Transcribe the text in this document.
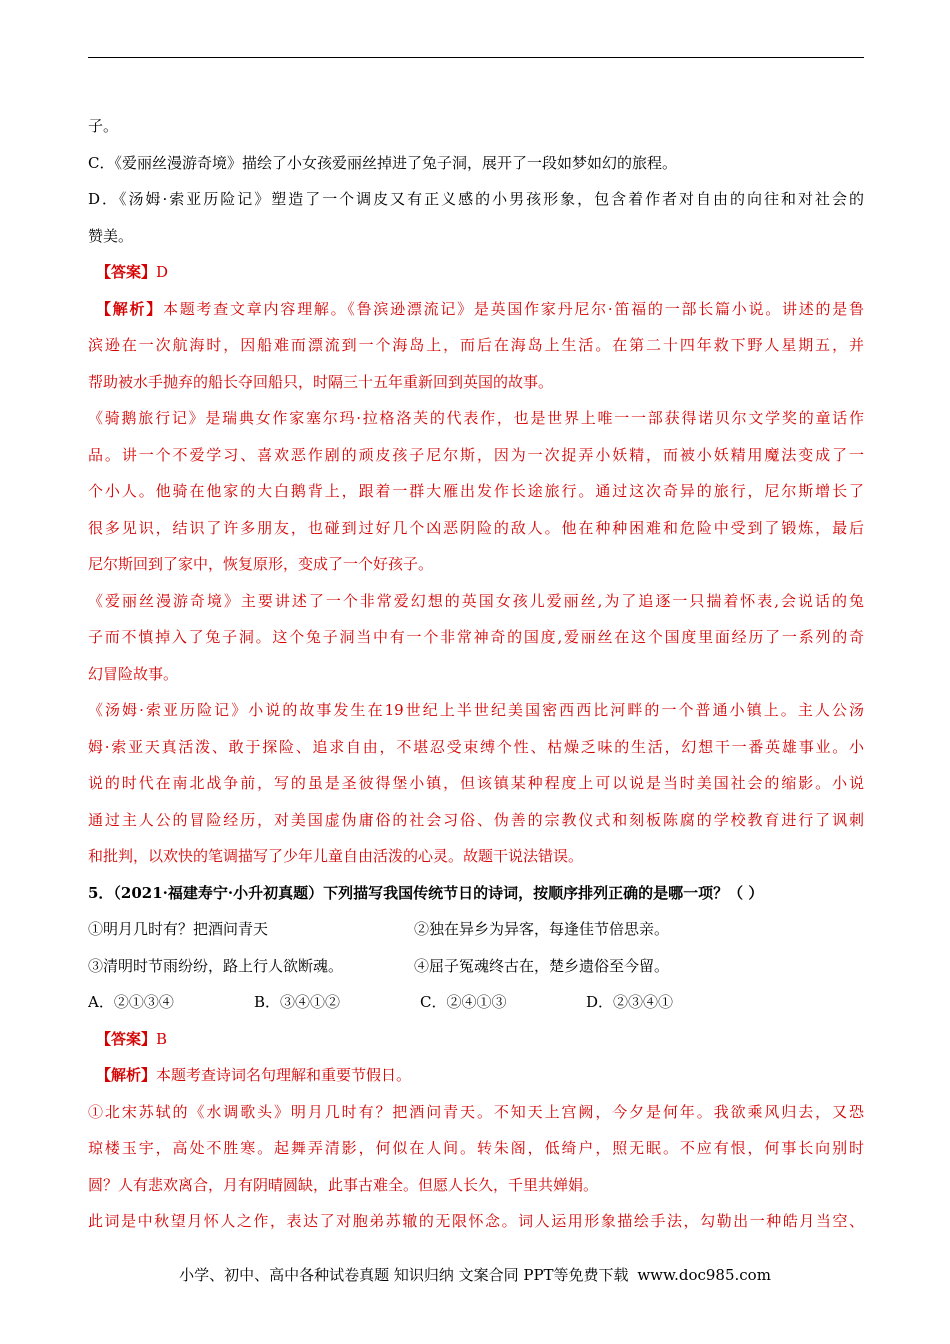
子。
C．《爱丽丝漫游奇境》描绘了小女孩爱丽丝掉进了兔子洞，展开了一段如梦如幻的旅程。
D．《汤姆·索亚历险记》塑造了一个调皮又有正义感的小男孩形象，包含着作者对自由的向往和对社会的
赞美。
【答案】D
【解析】本题考查文章内容理解。《鲁滨逊漂流记》是英国作家丹尼尔·笛福的一部长篇小说。讲述的是鲁
滨逊在一次航海时，因船难而漂流到一个海岛上，而后在海岛上生活。在第二十四年救下野人星期五，并
帮助被水手抛弃的船长夺回船只，时隔三十五年重新回到英国的故事。
《骑鹅旅行记》是瑞典女作家塞尔玛·拉格洛芙的代表作，也是世界上唯一一部获得诺贝尔文学奖的童话作
品。讲一个不爱学习、喜欢恶作剧的顽皮孩子尼尔斯，因为一次捉弄小妖精，而被小妖精用魔法变成了一
个小人。他骑在他家的大白鹅背上，跟着一群大雁出发作长途旅行。通过这次奇异的旅行，尼尔斯增长了
很多见识，结识了许多朋友，也碰到过好几个凶恶阴险的敌人。他在种种困难和危险中受到了锻炼，最后
尼尔斯回到了家中，恢复原形，变成了一个好孩子。
《爱丽丝漫游奇境》主要讲述了一个非常爱幻想的英国女孩儿爱丽丝,为了追逐一只揣着怀表,会说话的兔
子而不慎掉入了兔子洞。这个兔子洞当中有一个非常神奇的国度,爱丽丝在这个国度里面经历了一系列的奇
幻冒险故事。
《汤姆·索亚历险记》小说的故事发生在19世纪上半世纪美国密西西比河畔的一个普通小镇上。主人公汤
姆·索亚天真活泼、敢于探险、追求自由，不堪忍受束缚个性、枯燥乏味的生活，幻想干一番英雄事业。小
说的时代在南北战争前，写的虽是圣彼得堡小镇，但该镇某种程度上可以说是当时美国社会的缩影。小说
通过主人公的冒险经历，对美国虚伪庸俗的社会习俗、伪善的宗教仪式和刻板陈腐的学校教育进行了讽刺
和批判，以欢快的笔调描写了少年儿童自由活泼的心灵。故题干说法错误。
5．（2021·福建寿宁·小升初真题）下列描写我国传统节日的诗词，按顺序排列正确的是哪一项？（ ）
①明月几时有？把酒问青天	②独在异乡为异客，每逢佳节倍思亲。
③清明时节雨纷纷，路上行人欲断魂。	④屈子冤魂终古在，楚乡遗俗至今留。
A．②①③④	B．③④①②	C．②④①③	D．②③④①
【答案】B
【解析】本题考查诗词名句理解和重要节假日。
①北宋苏轼的《水调歌头》明月几时有？把酒问青天。不知天上宫阙，今夕是何年。我欲乘风归去，又恐
琼楼玉宇，高处不胜寒。起舞弄清影，何似在人间。转朱阁，低绮户，照无眠。不应有恨，何事长向别时
圆？人有悲欢离合，月有阴晴圆缺，此事古难全。但愿人长久，千里共婵娟。
此词是中秋望月怀人之作，表达了对胞弟苏辙的无限怀念。词人运用形象描绘手法，勾勒出一种皓月当空、
小学、初中、高中各种试卷真题 知识归纳 文案合同 PPT等免费下载 www.doc985.com
